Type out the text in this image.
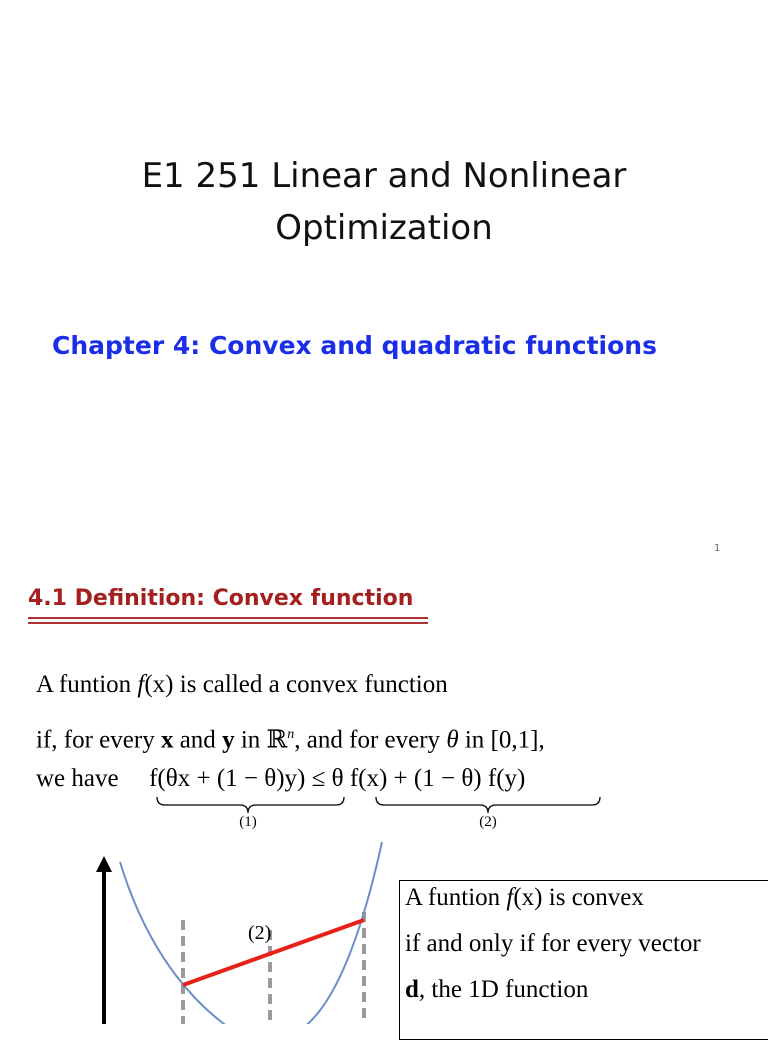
E1 251 Linear and Nonlinear
Optimization
Chapter 4: Convex and quadratic functions
1
4.1 Definition: Convex function
A funtion f(x) is called a convex function
if, for every x and y in ℝ$^n$, and for every θ in [0,1],
we have f(θx + (1 − θ)y) ≤ θ f(x) + (1 − θ) f(y)
(1)	(2)
(2)
A funtion f(x) is convex
if and only if for every vector
d, the 1D function
